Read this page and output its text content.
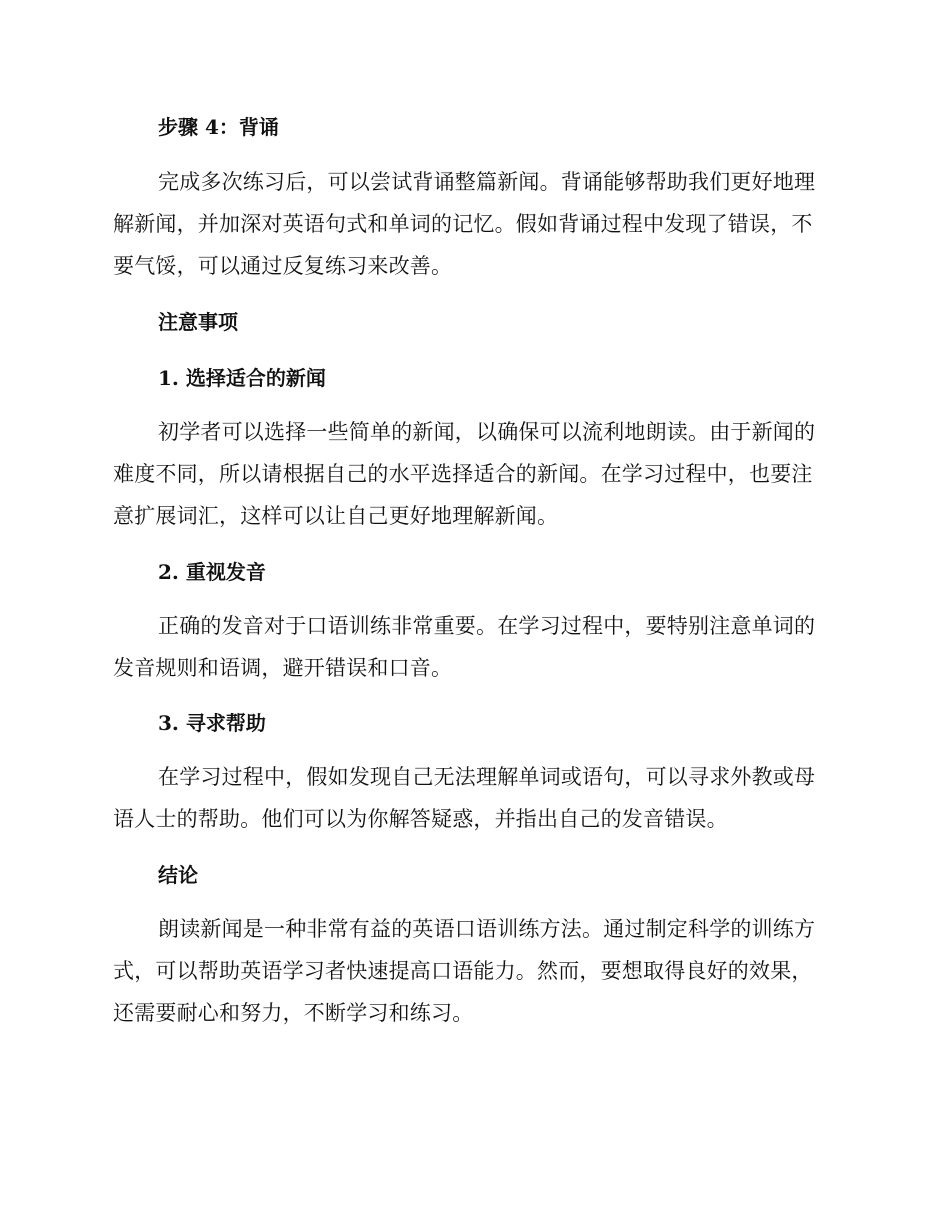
步骤 4：背诵
完成多次练习后，可以尝试背诵整篇新闻。背诵能够帮助我们更好地理解新闻，并加深对英语句式和单词的记忆。假如背诵过程中发现了错误，不要气馁，可以通过反复练习来改善。
注意事项
1. 选择适合的新闻
初学者可以选择一些简单的新闻，以确保可以流利地朗读。由于新闻的难度不同，所以请根据自己的水平选择适合的新闻。在学习过程中，也要注意扩展词汇，这样可以让自己更好地理解新闻。
2. 重视发音
正确的发音对于口语训练非常重要。在学习过程中，要特别注意单词的发音规则和语调，避开错误和口音。
3. 寻求帮助
在学习过程中，假如发现自己无法理解单词或语句，可以寻求外教或母语人士的帮助。他们可以为你解答疑惑，并指出自己的发音错误。
结论
朗读新闻是一种非常有益的英语口语训练方法。通过制定科学的训练方式，可以帮助英语学习者快速提高口语能力。然而，要想取得良好的效果，还需要耐心和努力，不断学习和练习。
